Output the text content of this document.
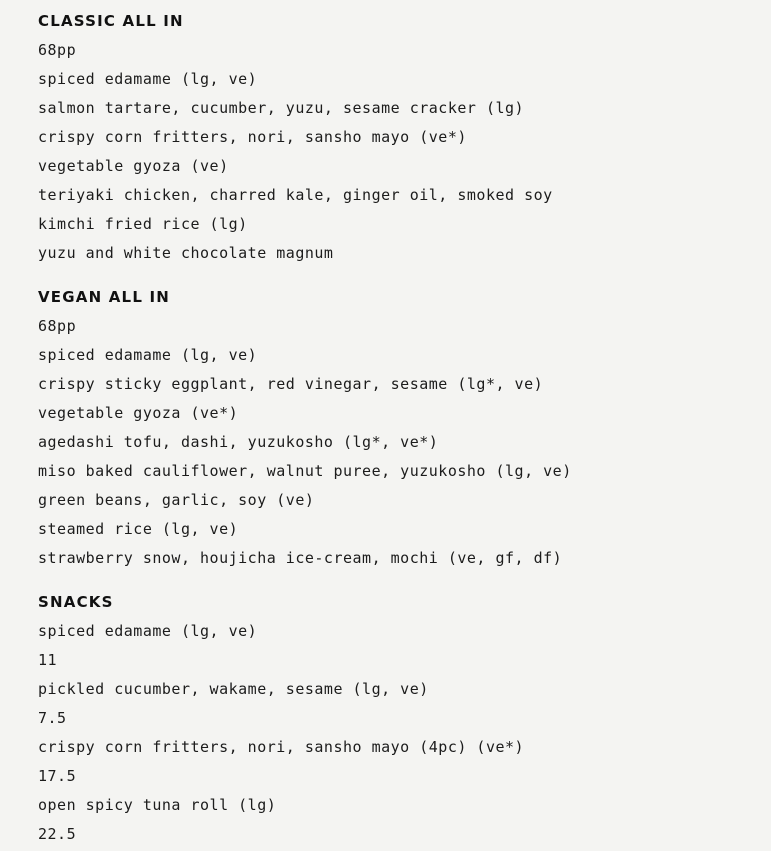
CLASSIC ALL IN
68pp
spiced edamame (lg, ve)
salmon tartare, cucumber, yuzu, sesame cracker (lg)
crispy corn fritters, nori, sansho mayo (ve*)
vegetable gyoza (ve)
teriyaki chicken, charred kale, ginger oil, smoked soy
kimchi fried rice (lg)
yuzu and white chocolate magnum
VEGAN ALL IN
68pp
spiced edamame (lg, ve)
crispy sticky eggplant, red vinegar, sesame (lg*, ve)
vegetable gyoza (ve*)
agedashi tofu, dashi, yuzukosho (lg*, ve*)
miso baked cauliflower, walnut puree, yuzukosho (lg, ve)
green beans, garlic, soy (ve)
steamed rice (lg, ve)
strawberry snow, houjicha ice-cream, mochi (ve, gf, df)
SNACKS
spiced edamame (lg, ve)
11
pickled cucumber, wakame, sesame (lg, ve)
7.5
crispy corn fritters, nori, sansho mayo (4pc) (ve*)
17.5
open spicy tuna roll (lg)
22.5
